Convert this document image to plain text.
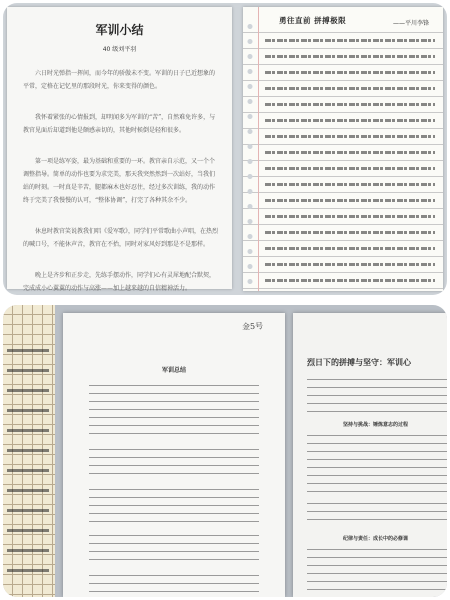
军训小结
40 级刘平羽

六日时光弹指一挥间，而今年的骄傲未不变。军训的日子已近想象的平常，定格在记忆里的那段时光，你来变得的颜色。

我怀着紧张的心情报到，却明闻多为军训的“苦”，自然难免许多，与教官见面后却道到他是颇感亲切的，其他时候倒是轻和很多。

第一项是练军姿，最为基础和重要的一环。教官亲自示范，又一个个调整指导。简单的动作也要为求完美，那天我突然然到一次站好，当我们站的时刻。一时真是辛苦，腿都麻木也好忍住，经过多次训练，我的动作终于完美了我慢慢的认可，“整体协调”，打完了各种其余不少。

休息时教官笑说教我们唱《爱军歌》，同学们平常歌曲小声唱，在热烈的喊口号，不能休声音，教官在不抬，同时对家风好到那是不是那样。

晚上是齐步和正步走，先练手摆动作，同学们心有灵犀地配合默契，完成成小心翼翼的动作与高涨——加上越来越的自信精神活力。

勇往直前 拼搏极限	——平川李锋
金5号
军训总结
烈日下的拼搏与坚守：军训心
坚持与挑战：锤炼意志的过程
纪律与责任：成长中的必修课
